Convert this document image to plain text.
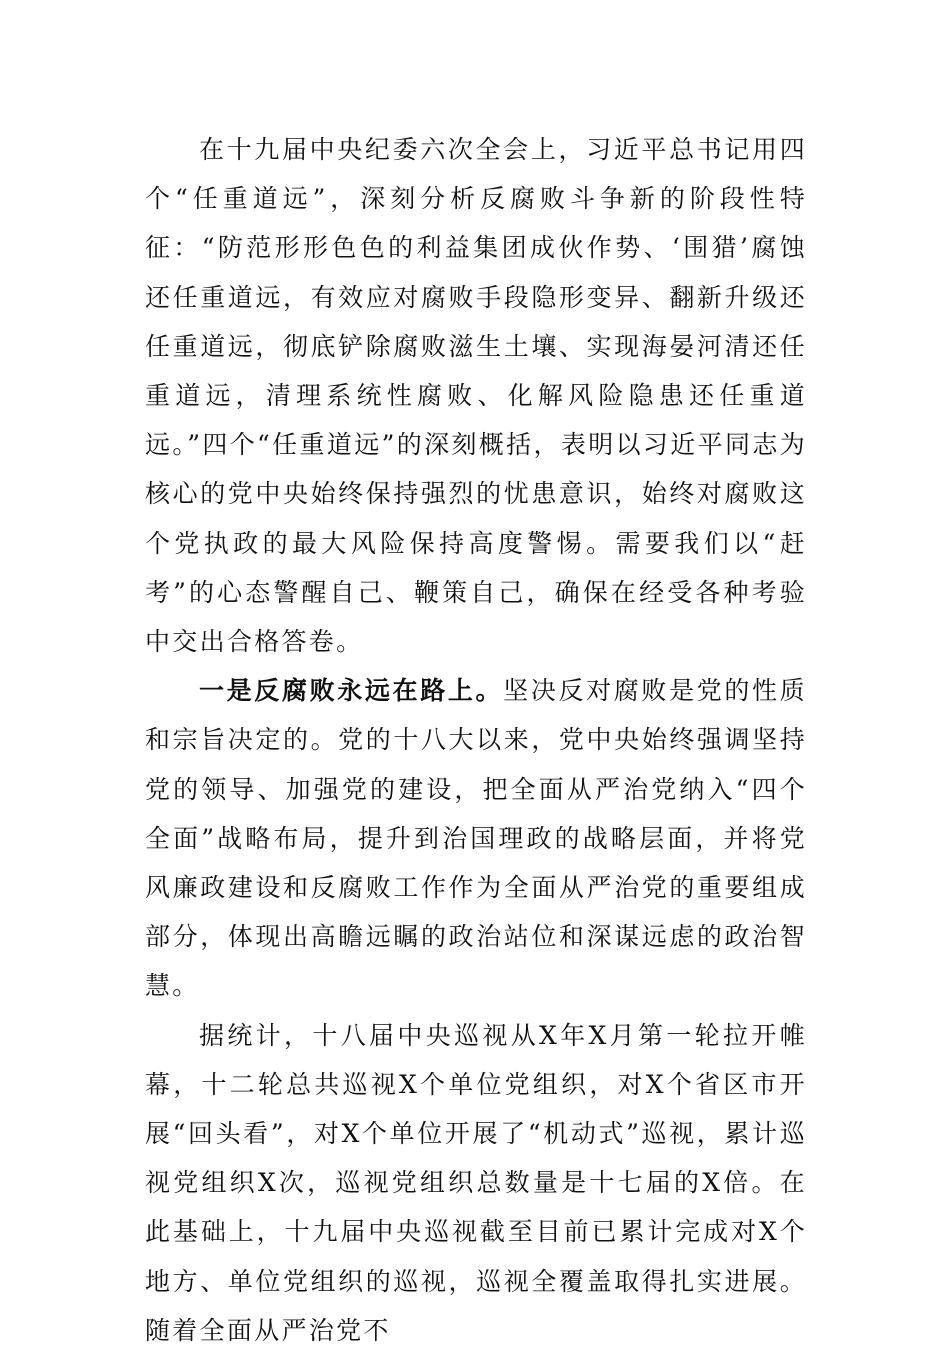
在十九届中央纪委六次全会上，习近平总书记用四个“任重道远”，深刻分析反腐败斗争新的阶段性特征：“防范形形色色的利益集团成伙作势、‘围猎’腐蚀还任重道远，有效应对腐败手段隐形变异、翻新升级还任重道远，彻底铲除腐败滋生土壤、实现海晏河清还任重道远，清理系统性腐败、化解风险隐患还任重道远。”四个“任重道远”的深刻概括，表明以习近平同志为核心的党中央始终保持强烈的忧患意识，始终对腐败这个党执政的最大风险保持高度警惕。需要我们以“赶考”的心态警醒自己、鞭策自己，确保在经受各种考验中交出合格答卷。

一是反腐败永远在路上。坚决反对腐败是党的性质和宗旨决定的。党的十八大以来，党中央始终强调坚持党的领导、加强党的建设，把全面从严治党纳入“四个全面”战略布局，提升到治国理政的战略层面，并将党风廉政建设和反腐败工作作为全面从严治党的重要组成部分，体现出高瞻远瞩的政治站位和深谋远虑的政治智慧。

据统计，十八届中央巡视从X年X月第一轮拉开帷幕，十二轮总共巡视X个单位党组织，对X个省区市开展“回头看”，对X个单位开展了“机动式”巡视，累计巡视党组织X次，巡视党组织总数量是十七届的X倍。在此基础上，十九届中央巡视截至目前已累计完成对X个地方、单位党组织的巡视，巡视全覆盖取得扎实进展。随着全面从严治党不
